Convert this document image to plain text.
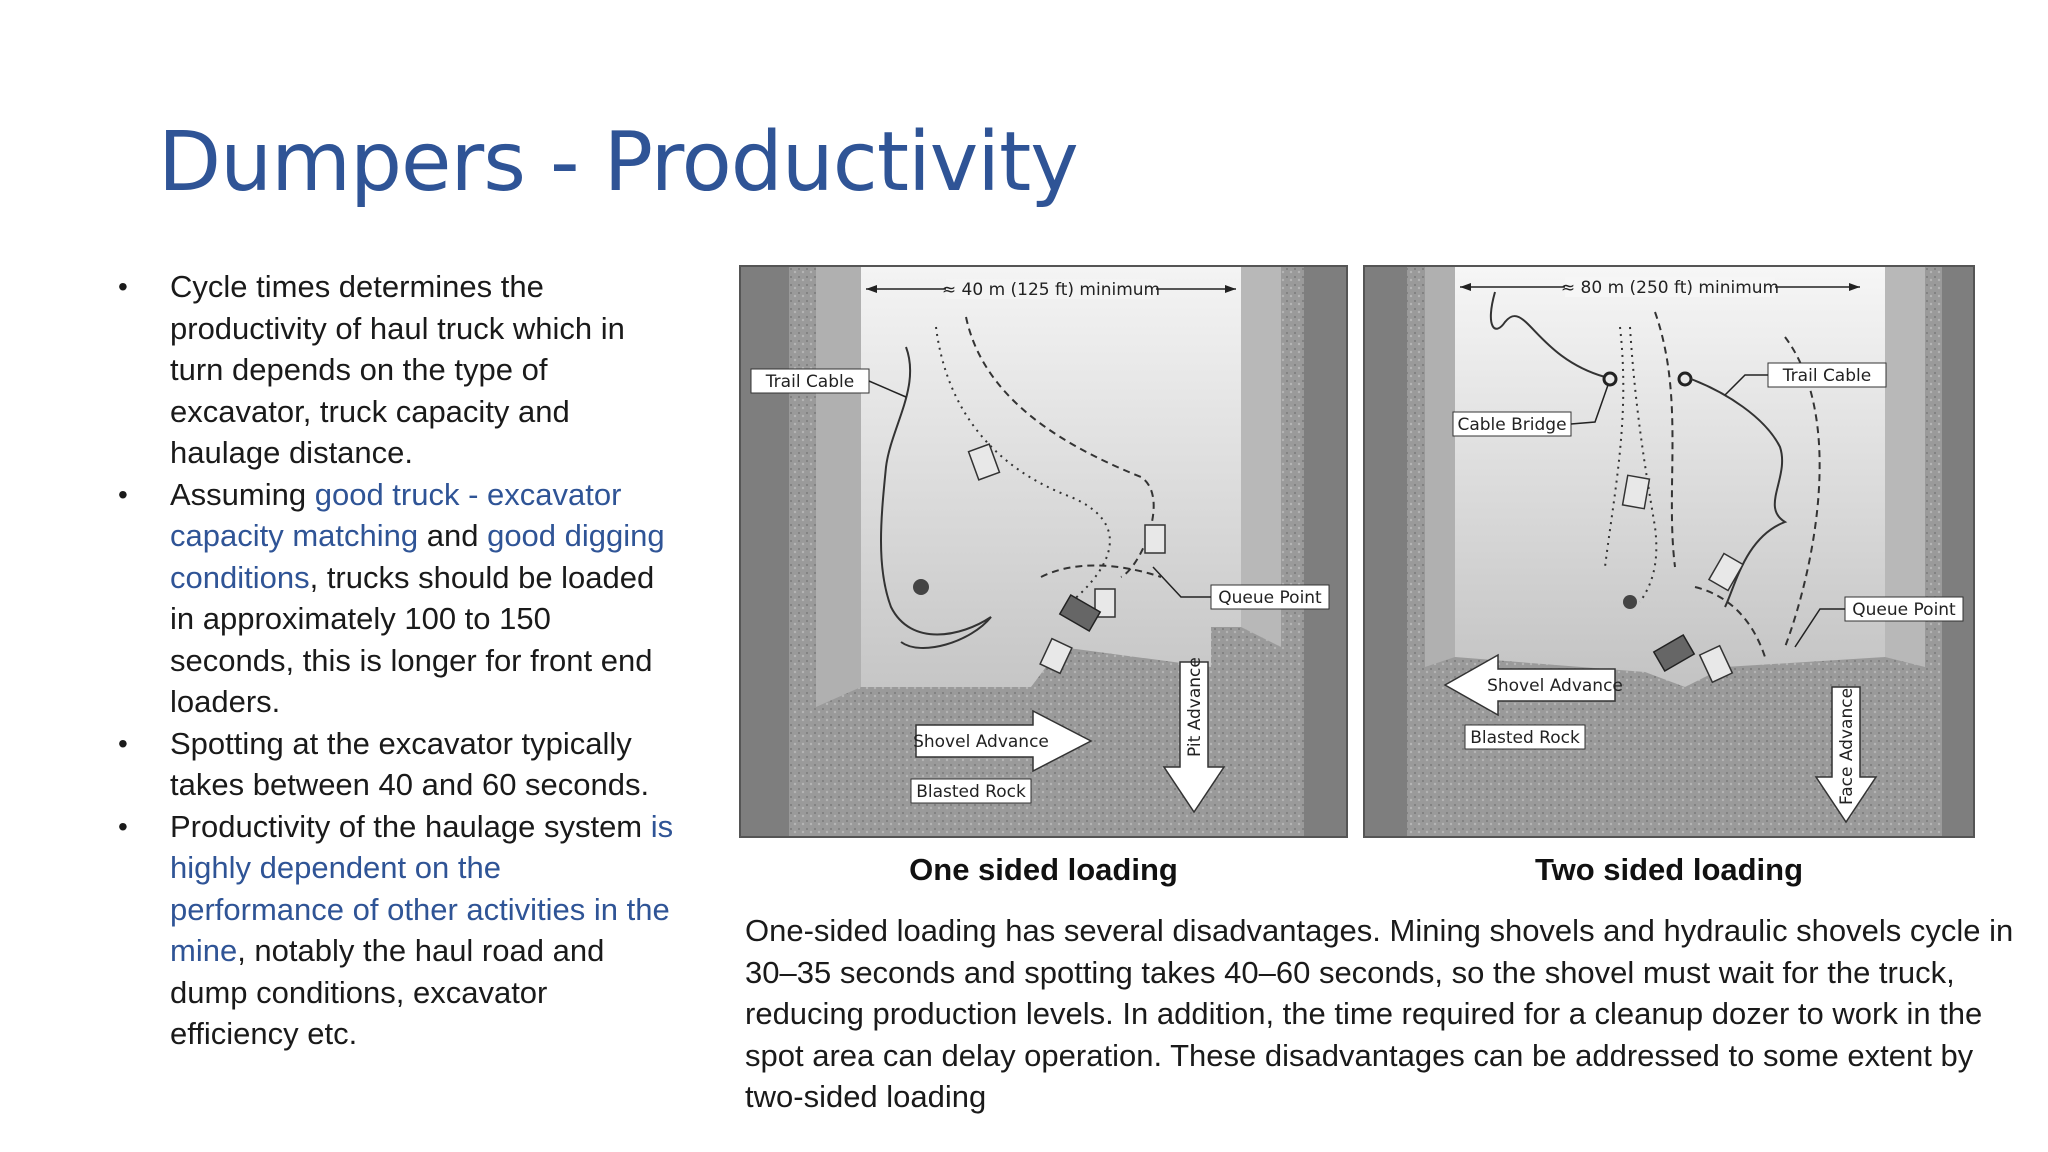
Dumpers - Productivity
• Cycle times determines the productivity of haul truck which in turn depends on the type of excavator, truck capacity and haulage distance.
• Assuming good truck - excavator capacity matching and good digging conditions, trucks should be loaded in approximately 100 to 150 seconds, this is longer for front end loaders.
• Spotting at the excavator typically takes between 40 and 60 seconds.
• Productivity of the haulage system is highly dependent on the performance of other activities in the mine, notably the haul road and dump conditions, excavator efficiency etc.
≈ 40 m (125 ft) minimum
Trail Cable
Queue Point
Shovel Advance	Pit Advance
Blasted Rock
One sided loading
≈ 80 m (250 ft) minimum
Cable Bridge
Trail Cable
Queue Point
Shovel Advance
Face Advance
Blasted Rock
Two sided loading
One-sided loading has several disadvantages. Mining shovels and hydraulic shovels cycle in 30–35 seconds and spotting takes 40–60 seconds, so the shovel must wait for the truck, reducing production levels. In addition, the time required for a cleanup dozer to work in the spot area can delay operation. These disadvantages can be addressed to some extent by two-sided loading
